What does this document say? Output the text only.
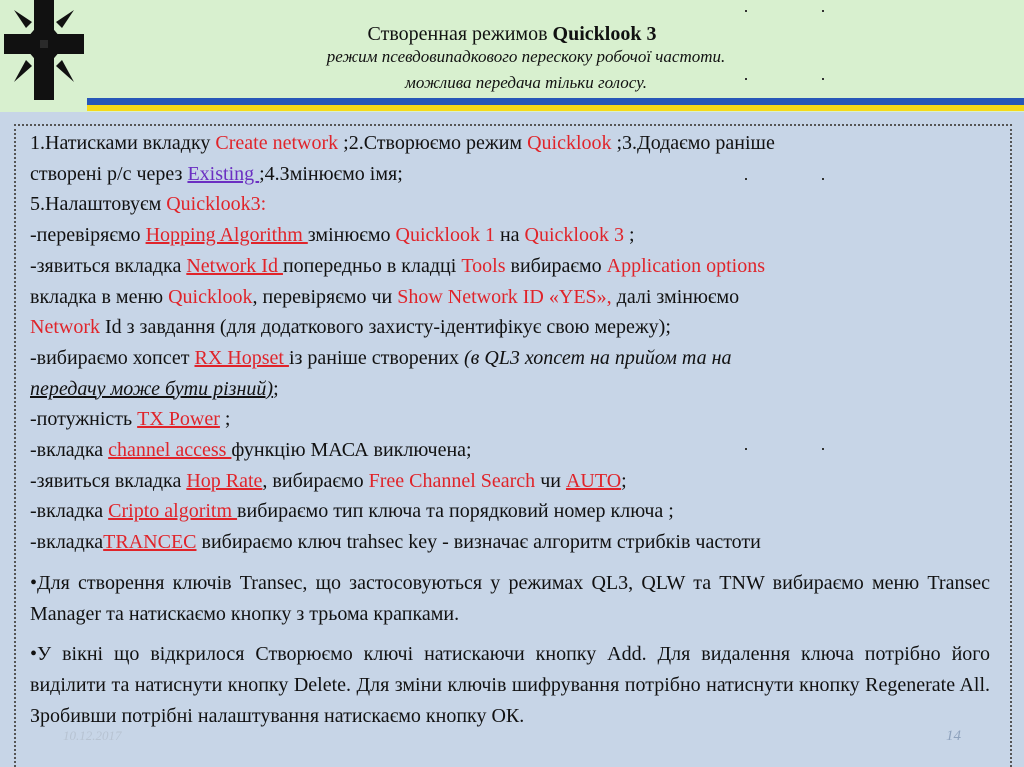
Створенная режимов Quicklook 3
режим псевдовипадкового перескоку робочої частоти.
можлива передача тільки голосу.

1.Натисками вкладку Create network ;2.Створюємо режим Quicklook ;3.Додаємо раніше

створені р/с через Existing ;4.Змінюємо імя;

5.Налаштовуєм Quicklook3:

-перевіряємо Hopping Algorithm змінюємо Quicklook 1 на Quicklook 3 ;

-зявиться вкладка Network Id попередньо в кладці Tools вибираємо Application options

вкладка в меню Quicklook, перевіряємо чи Show Network ID «YES», далі змінюємо

Network Id з завдання (для додаткового захисту-ідентифікує свою мережу);

-вибираємо хопсет RX Hopset із раніше створених (в QL3 хопсет на прийом та на

передачу може бути різний);

-потужність TX Power ;

-вкладка channel access функцію МАСА виключена;

-зявиться вкладка Hop Rate, вибираємо Free Channel Search чи AUTO;

-вкладка Cripto algoritm вибираємо тип ключа та порядковий номер ключа ;

-вкладкаTRANCEC вибираємо ключ trahsec key - визначає алгоритм стрибків частоти

•Для створення ключів Transec, що застосовуються у режимах QL3, QLW та TNW вибираємо меню Transec Manager та натискаємо кнопку з трьома крапками.

•У вікні що відкрилося Створюємо ключі натискаючи кнопку Add. Для видалення ключа потрібно його виділити та натиснути кнопку Delete. Для зміни ключів шифрування потрібно натиснути кнопку Regenerate All. Зробивши потрібні налаштування натискаємо кнопку ОК.

10.12.2017	14
